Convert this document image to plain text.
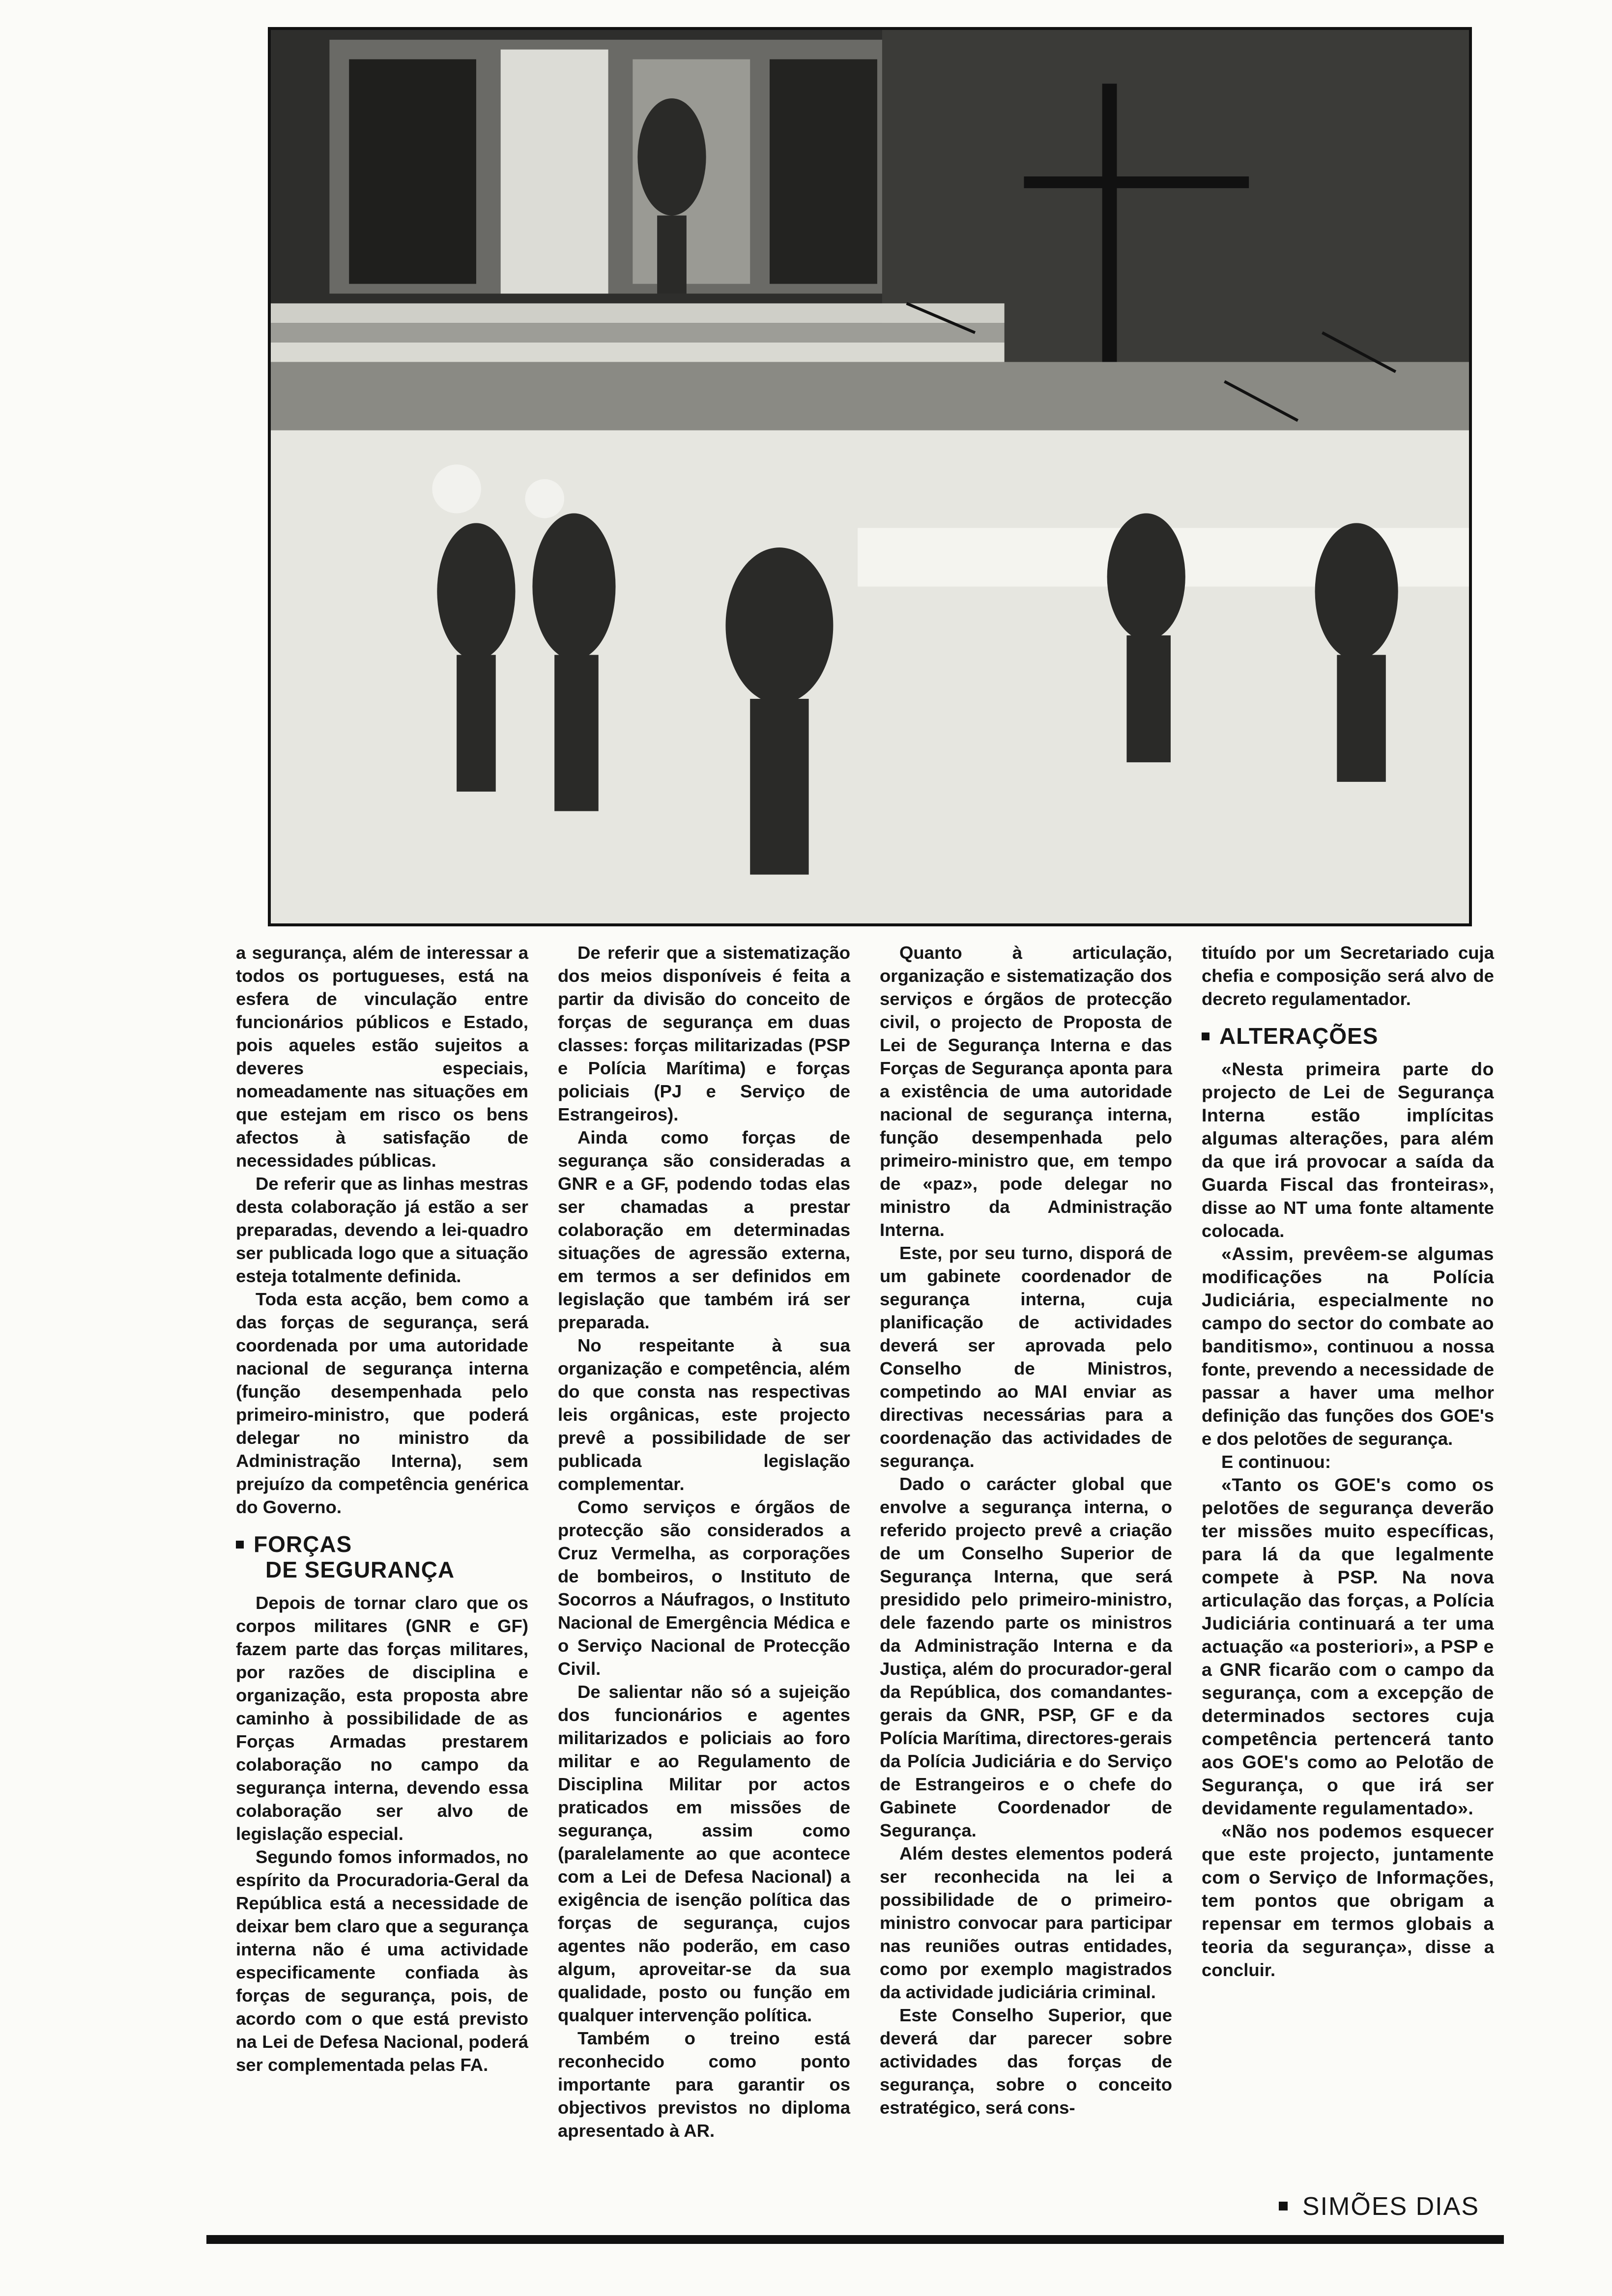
a segurança, além de interessar a todos os portugueses, está na esfera de vinculação entre funcionários públicos e Estado, pois aqueles estão sujeitos a deveres especiais, nomeadamente nas situações em que estejam em risco os bens afectos à satisfação de necessidades públicas.

De referir que as linhas mestras desta colaboração já estão a ser preparadas, devendo a lei-quadro ser publicada logo que a situação esteja totalmente definida.

Toda esta acção, bem como a das forças de segurança, será coordenada por uma autoridade nacional de segurança interna (função desempenhada pelo primeiro-ministro, que poderá delegar no ministro da Administração Interna), sem prejuízo da competência genérica do Governo.

FORÇAS
DE SEGURANÇA

Depois de tornar claro que os corpos militares (GNR e GF) fazem parte das forças militares, por razões de disciplina e organização, esta proposta abre caminho à possibilidade de as Forças Armadas prestarem colaboração no campo da segurança interna, devendo essa colaboração ser alvo de legislação especial.

Segundo fomos informados, no espírito da Procuradoria-Geral da República está a necessidade de deixar bem claro que a segurança interna não é uma actividade especificamente confiada às forças de segurança, pois, de acordo com o que está previsto na Lei de Defesa Nacional, poderá ser complementada pelas FA.

De referir que a sistematização dos meios disponíveis é feita a partir da divisão do conceito de forças de segurança em duas classes: forças militarizadas (PSP e Polícia Marítima) e forças policiais (PJ e Serviço de Estrangeiros).

Ainda como forças de segurança são consideradas a GNR e a GF, podendo todas elas ser chamadas a prestar colaboração em determinadas situações de agressão externa, em termos a ser definidos em legislação que também irá ser preparada.

No respeitante à sua organização e competência, além do que consta nas respectivas leis orgânicas, este projecto prevê a possibilidade de ser publicada legislação complementar.

Como serviços e órgãos de protecção são considerados a Cruz Vermelha, as corporações de bombeiros, o Instituto de Socorros a Náufragos, o Instituto Nacional de Emergência Médica e o Serviço Nacional de Protecção Civil.

De salientar não só a sujeição dos funcionários e agentes militarizados e policiais ao foro militar e ao Regulamento de Disciplina Militar por actos praticados em missões de segurança, assim como (paralelamente ao que acontece com a Lei de Defesa Nacional) a exigência de isenção política das forças de segurança, cujos agentes não poderão, em caso algum, aproveitar-se da sua qualidade, posto ou função em qualquer intervenção política.

Também o treino está reconhecido como ponto importante para garantir os objectivos previstos no diploma apresentado à AR.

Quanto à articulação, organização e sistematização dos serviços e órgãos de protecção civil, o projecto de Proposta de Lei de Segurança Interna e das Forças de Segurança aponta para a existência de uma autoridade nacional de segurança interna, função desempenhada pelo primeiro-ministro que, em tempo de «paz», pode delegar no ministro da Administração Interna.

Este, por seu turno, disporá de um gabinete coordenador de segurança interna, cuja planificação de actividades deverá ser aprovada pelo Conselho de Ministros, competindo ao MAI enviar as directivas necessárias para a coordenação das actividades de segurança.

Dado o carácter global que envolve a segurança interna, o referido projecto prevê a criação de um Conselho Superior de Segurança Interna, que será presidido pelo primeiro-ministro, dele fazendo parte os ministros da Administração Interna e da Justiça, além do procurador-geral da República, dos comandantes-gerais da GNR, PSP, GF e da Polícia Marítima, directores-gerais da Polícia Judiciária e do Serviço de Estrangeiros e o chefe do Gabinete Coordenador de Segurança.

Além destes elementos poderá ser reconhecida na lei a possibilidade de o primeiro-ministro convocar para participar nas reuniões outras entidades, como por exemplo magistrados da actividade judiciária criminal.

Este Conselho Superior, que deverá dar parecer sobre actividades das forças de segurança, sobre o conceito estratégico, será cons-

tituído por um Secretariado cuja chefia e composição será alvo de decreto regulamentador.

ALTERAÇÕES

«Nesta primeira parte do projecto de Lei de Segurança Interna estão implícitas algumas alterações, para além da que irá provocar a saída da Guarda Fiscal das fronteiras», disse ao NT uma fonte altamente colocada.

«Assim, prevêem-se algumas modificações na Polícia Judiciária, especialmente no campo do sector do combate ao banditismo», continuou a nossa fonte, prevendo a necessidade de passar a haver uma melhor definição das funções dos GOE's e dos pelotões de segurança.

E continuou:

«Tanto os GOE's como os pelotões de segurança deverão ter missões muito específicas, para lá da que legalmente compete à PSP. Na nova articulação das forças, a Polícia Judiciária continuará a ter uma actuação «a posteriori», a PSP e a GNR ficarão com o campo da segurança, com a excepção de determinados sectores cuja competência pertencerá tanto aos GOE's como ao Pelotão de Segurança, o que irá ser devidamente regulamentado».

«Não nos podemos esquecer que este projecto, juntamente com o Serviço de Informações, tem pontos que obrigam a repensar em termos globais a teoria da segurança», disse a concluir.

SIMÕES DIAS
